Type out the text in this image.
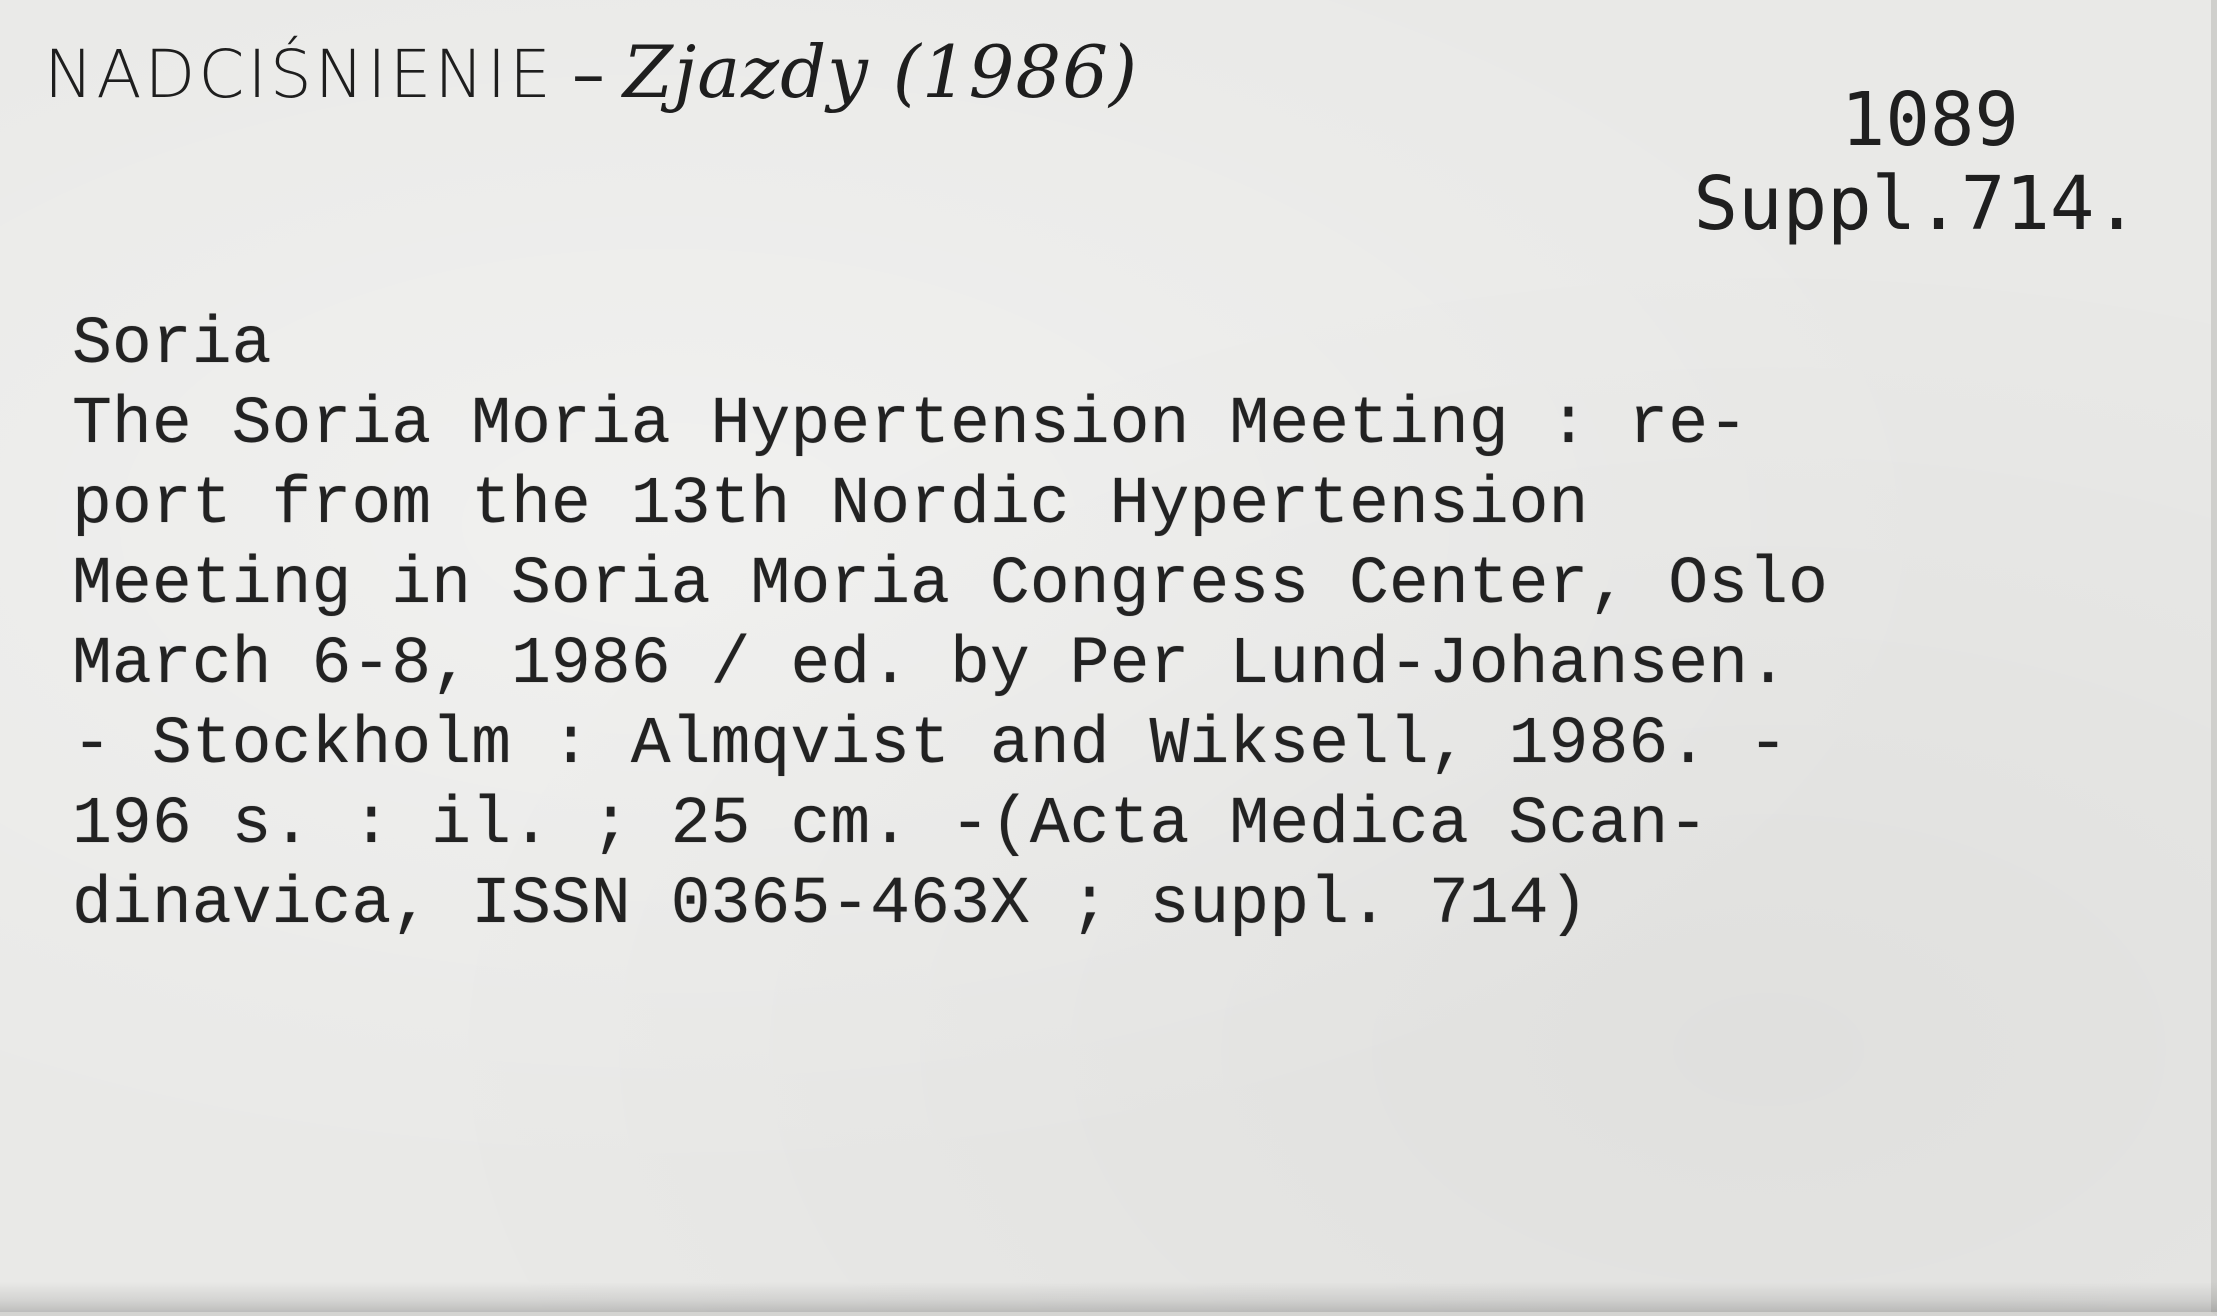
NADCIŚNIENIE – Zjazdy (1986)
1089
Suppl.714.
Soria
The Soria Moria Hypertension Meeting : re-
port from the 13th Nordic Hypertension
Meeting in Soria Moria Congress Center, Oslo
March 6-8, 1986 / ed. by Per Lund-Johansen.
- Stockholm : Almqvist and Wiksell, 1986. -
196 s. : il. ; 25 cm. -(Acta Medica Scan-
dinavica, ISSN 0365-463X ; suppl. 714)
